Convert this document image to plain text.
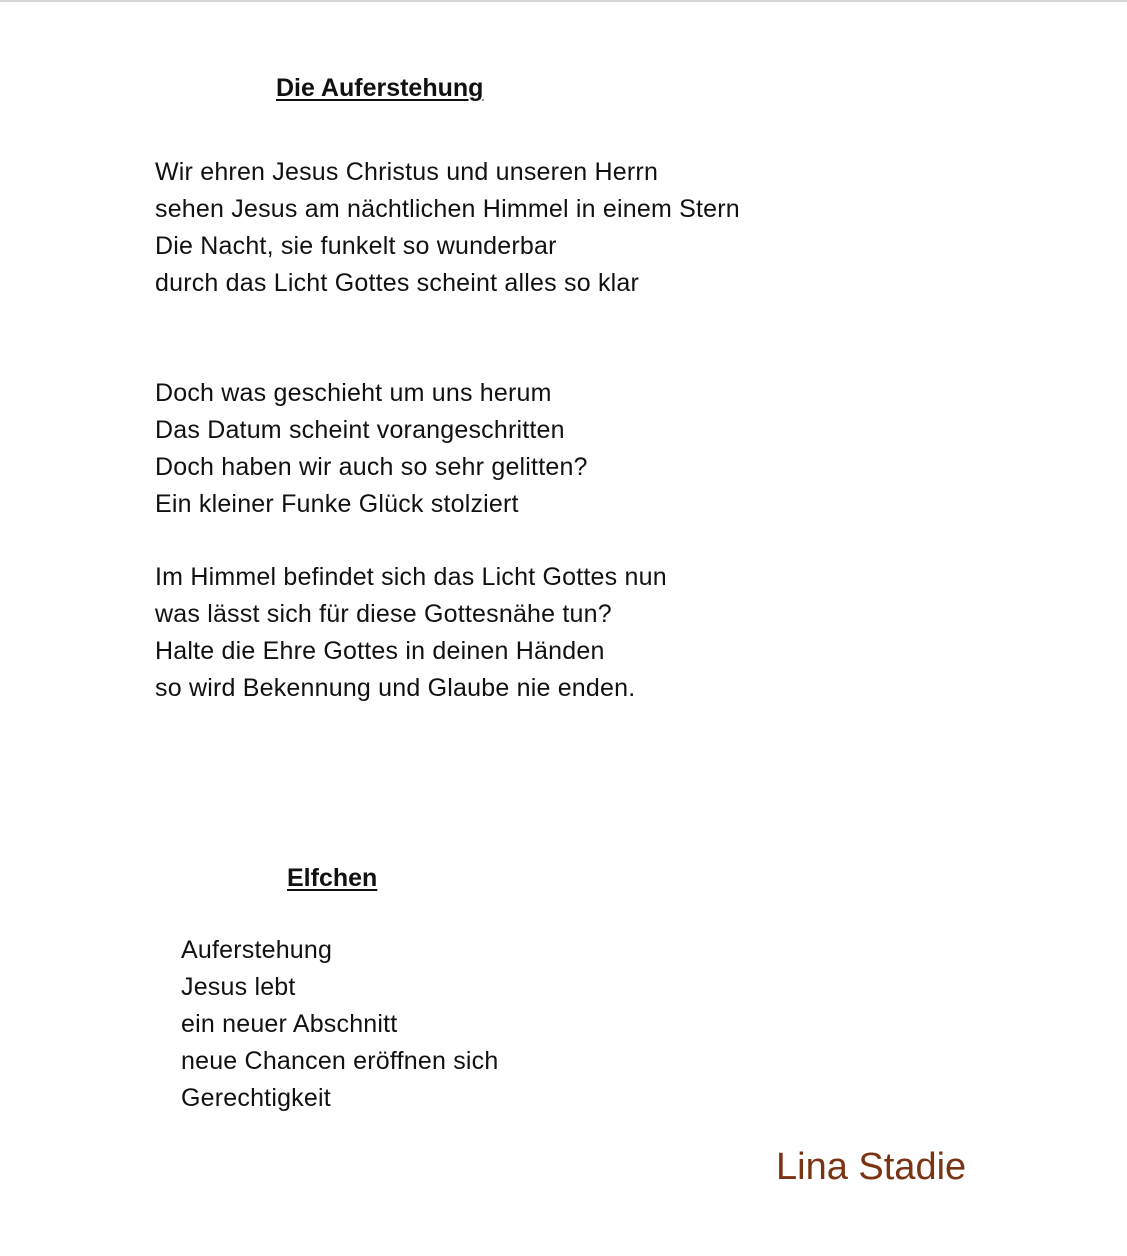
Die Auferstehung
Wir ehren Jesus Christus und unseren Herrn
sehen Jesus am nächtlichen Himmel in einem Stern
Die Nacht, sie funkelt so wunderbar
durch das Licht Gottes scheint alles so klar
Doch was geschieht um uns herum
Das Datum scheint vorangeschritten
Doch haben wir auch so sehr gelitten?
Ein kleiner Funke Glück stolziert
Im Himmel befindet sich das Licht Gottes nun
was lässt sich für diese Gottesnähe tun?
Halte die Ehre Gottes in deinen Händen
so wird Bekennung und Glaube nie enden.
Elfchen
Auferstehung
Jesus lebt
ein neuer Abschnitt
neue Chancen eröffnen sich
Gerechtigkeit
Lina Stadie
